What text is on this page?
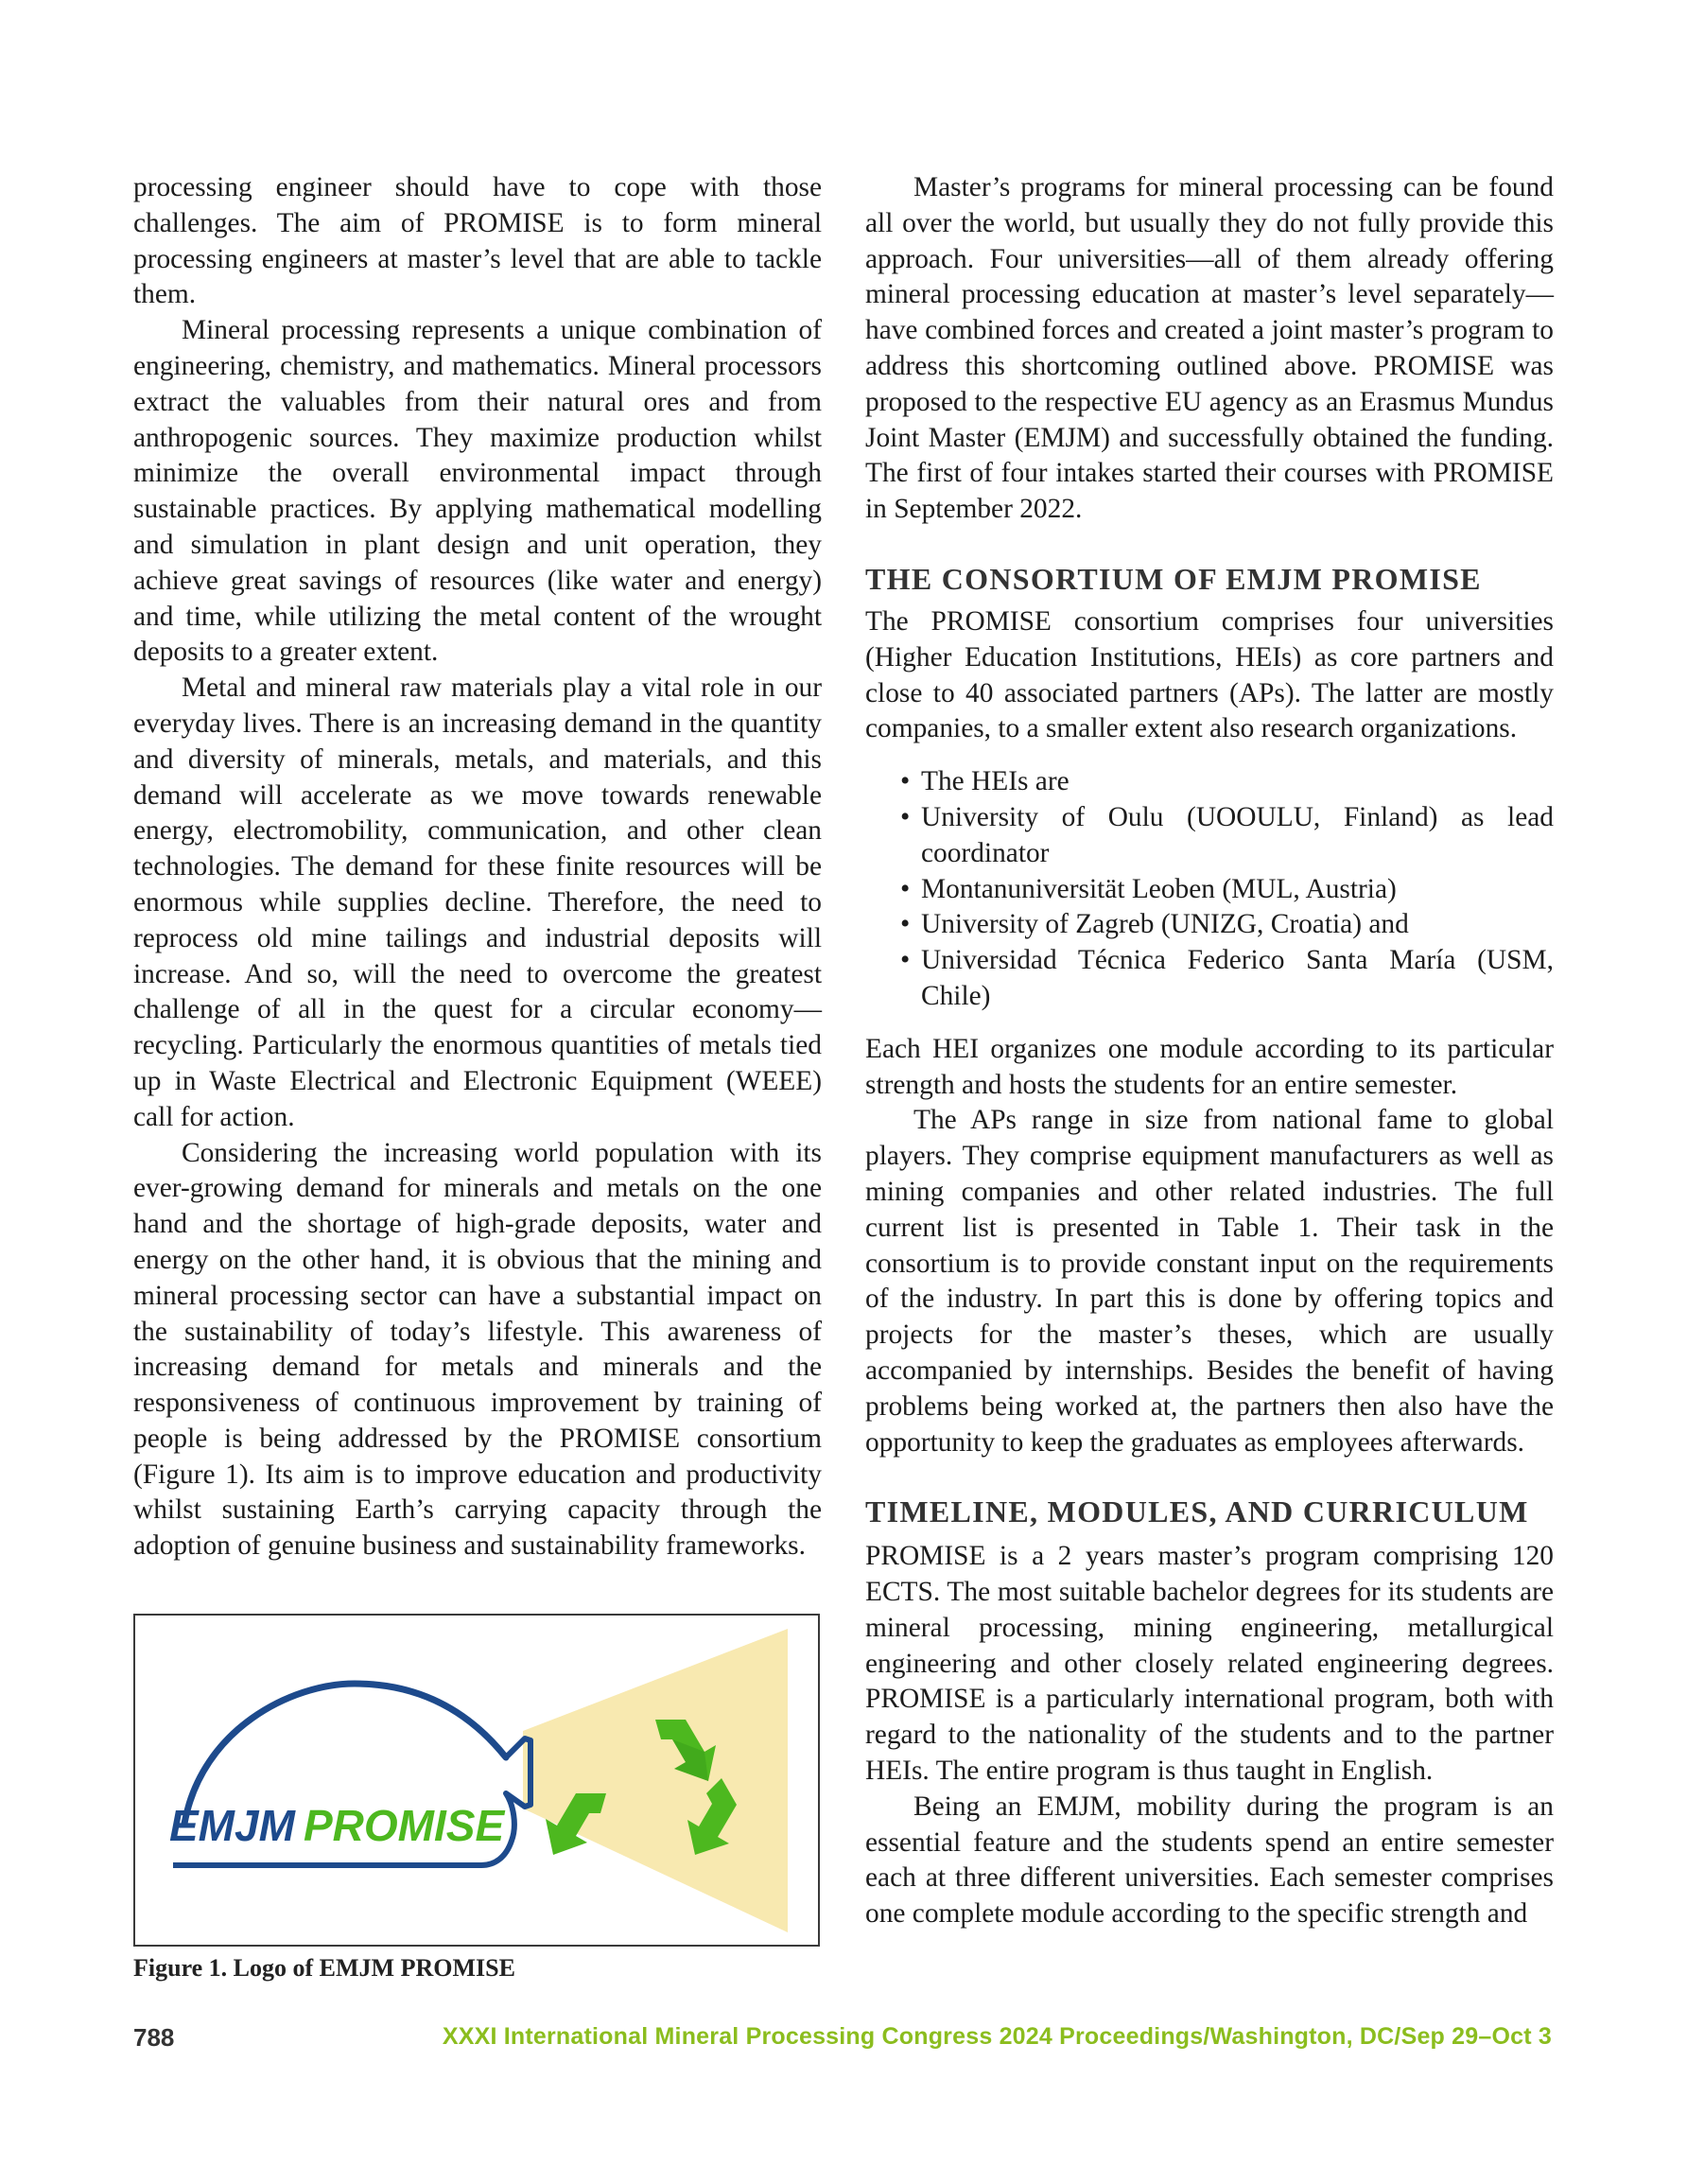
processing engineer should have to cope with those challenges. The aim of PROMISE is to form mineral processing engineers at master’s level that are able to tackle them.

Mineral processing represents a unique combination of engineering, chemistry, and mathematics. Mineral processors extract the valuables from their natural ores and from anthropogenic sources. They maximize production whilst minimize the overall environmental impact through sustainable practices. By applying mathematical modelling and simulation in plant design and unit operation, they achieve great savings of resources (like water and energy) and time, while utilizing the metal content of the wrought deposits to a greater extent.

Metal and mineral raw materials play a vital role in our everyday lives. There is an increasing demand in the quantity and diversity of minerals, metals, and materials, and this demand will accelerate as we move towards renewable energy, electromobility, communication, and other clean technologies. The demand for these finite resources will be enormous while supplies decline. Therefore, the need to reprocess old mine tailings and industrial deposits will increase. And so, will the need to overcome the greatest challenge of all in the quest for a circular economy—recycling. Particularly the enormous quantities of metals tied up in Waste Electrical and Electronic Equipment (WEEE) call for action.

Considering the increasing world population with its ever-growing demand for minerals and metals on the one hand and the shortage of high-grade deposits, water and energy on the other hand, it is obvious that the mining and mineral processing sector can have a substantial impact on the sustainability of today’s lifestyle. This awareness of increasing demand for metals and minerals and the responsiveness of continuous improvement by training of people is being addressed by the PROMISE consortium (Figure 1). Its aim is to improve education and productivity whilst sustaining Earth’s carrying capacity through the adoption of genuine business and sustainability frameworks.

EMJM PROMISE
Figure 1. Logo of EMJM PROMISE

Master’s programs for mineral processing can be found all over the world, but usually they do not fully provide this approach. Four universities—all of them already offering mineral processing education at master’s level separately—have combined forces and created a joint master’s program to address this shortcoming outlined above. PROMISE was proposed to the respective EU agency as an Erasmus Mundus Joint Master (EMJM) and successfully obtained the funding. The first of four intakes started their courses with PROMISE in September 2022.

THE CONSORTIUM OF EMJM PROMISE

The PROMISE consortium comprises four universities (Higher Education Institutions, HEIs) as core partners and close to 40 associated partners (APs). The latter are mostly companies, to a smaller extent also research organizations.

• The HEIs are
• University of Oulu (UOOULU, Finland) as lead coordinator
• Montanuniversität Leoben (MUL, Austria)
• University of Zagreb (UNIZG, Croatia) and
• Universidad Técnica Federico Santa María (USM, Chile)

Each HEI organizes one module according to its particular strength and hosts the students for an entire semester.

The APs range in size from national fame to global players. They comprise equipment manufacturers as well as mining companies and other related industries. The full current list is presented in Table 1. Their task in the consortium is to provide constant input on the requirements of the industry. In part this is done by offering topics and projects for the master’s theses, which are usually accompanied by internships. Besides the benefit of having problems being worked at, the partners then also have the opportunity to keep the graduates as employees afterwards.

TIMELINE, MODULES, AND CURRICULUM

PROMISE is a 2 years master’s program comprising 120 ECTS. The most suitable bachelor degrees for its students are mineral processing, mining engineering, metallurgical engineering and other closely related engineering degrees. PROMISE is a particularly international program, both with regard to the nationality of the students and to the partner HEIs. The entire program is thus taught in English.

Being an EMJM, mobility during the program is an essential feature and the students spend an entire semester each at three different universities. Each semester comprises one complete module according to the specific strength and

788	XXXI International Mineral Processing Congress 2024 Proceedings/Washington, DC/Sep 29–Oct 3
